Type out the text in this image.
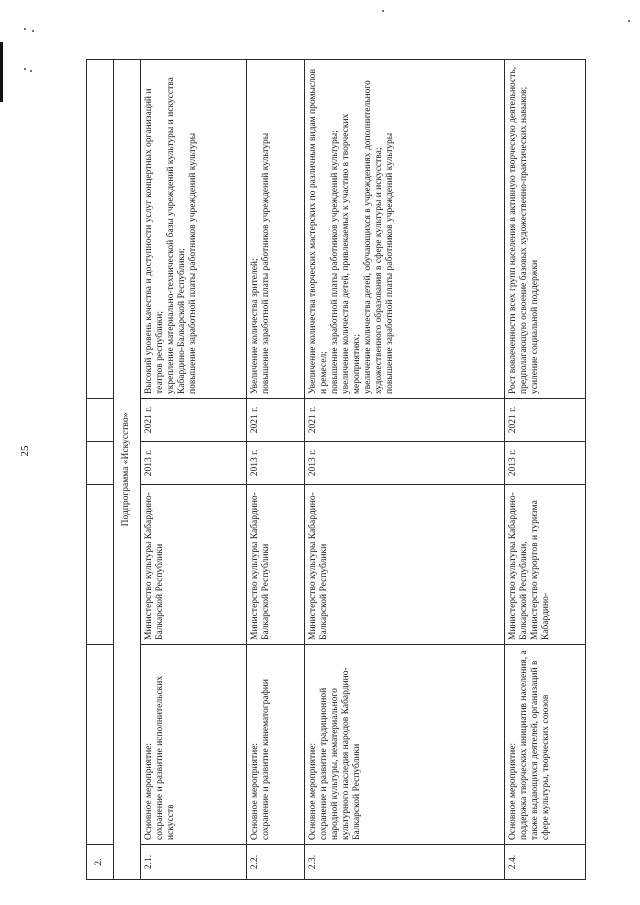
25
2.					
Подпрограмма «Искусство»					
2.1.	Основное мероприятие: сохранение и развитие исполнительских искусств	Министерство культуры Кабардино-Балкарской Республики	2013 г.	2021 г.	Высокий уровень качества и доступности услуг концертных организаций и театров республики; укрепление материально-технической базы учреждений культуры и искусства Кабардино-Балкарской Республики; повышение заработной платы работников учреждений культуры

2.2.	Основное мероприятие: сохранение и развитие кинематографии	Министерство культуры Кабардино-Балкарской Республики	2013 г.	2021 г.	Увеличение количества зрителей; повышение заработной платы работников учреждений культуры

2.3.	Основное мероприятие: сохранение и развитие традиционной народной культуры, нематериального культурного наследия народов Кабардино-Балкарской Республики	Министерство культуры Кабардино-Балкарской Республики	2013 г.	2021 г.	Увеличение количества творческих мастерских по различным видам промыслов и ремесел; повышение заработной платы работников учреждений культуры; увеличение количества детей, привлекаемых к участию в творческих мероприятиях; увеличение количества детей, обучающихся в учреждениях дополнительного художественного образования в сфере культуры и искусства; повышение заработной платы работников учреждений культуры

2.4.	Основное мероприятие: поддержка творческих инициатив населения, а также выдающихся деятелей, организаций в сфере культуры, творческих союзов	Министерство культуры Кабардино-Балкарской Республики, Министерство курортов и туризма Кабардино-	2013 г.	2021 г.	Рост вовлеченности всех групп населения в активную творческую деятельность, предполагающую освоение базовых художественно-практических навыков; усиление социальной поддержки
